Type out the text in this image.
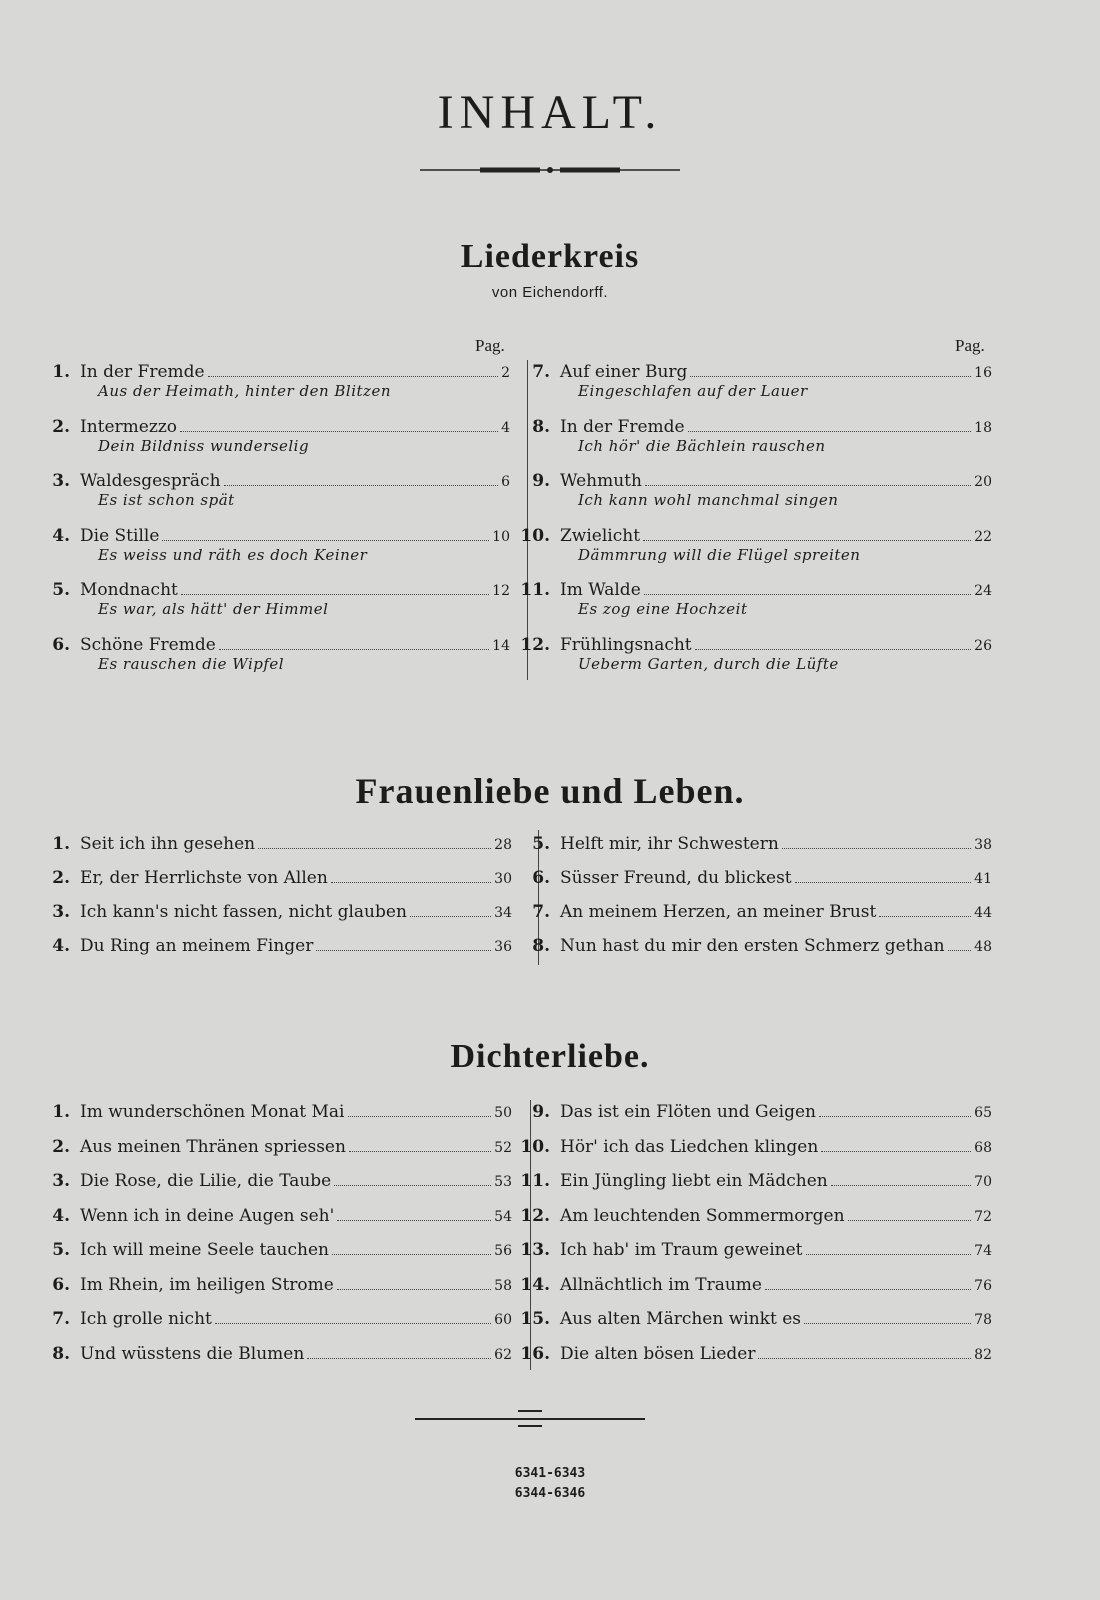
INHALT.
Liederkreis
von Eichendorff.
Pag.	Pag.
1. In der Fremde	2
Aus der Heimath, hinter den Blitzen
2. Intermezzo	4
Dein Bildniss wunderselig
3. Waldesgespräch	6
Es ist schon spät
4. Die Stille	10
Es weiss und räth es doch Keiner
5. Mondnacht	12
Es war, als hätt' der Himmel
6. Schöne Fremde	14
Es rauschen die Wipfel
7. Auf einer Burg	16
Eingeschlafen auf der Lauer
8. In der Fremde	18
Ich hör' die Bächlein rauschen
9. Wehmuth	20
Ich kann wohl manchmal singen
10. Zwielicht	22
Dämmrung will die Flügel spreiten
11. Im Walde	24
Es zog eine Hochzeit
12. Frühlingsnacht	26
Ueberm Garten, durch die Lüfte
Frauenliebe und Leben.
1. Seit ich ihn gesehen	28
2. Er, der Herrlichste von Allen	30
3. Ich kann's nicht fassen, nicht glauben	34
4. Du Ring an meinem Finger	36
5. Helft mir, ihr Schwestern	38
6. Süsser Freund, du blickest	41
7. An meinem Herzen, an meiner Brust	44
8. Nun hast du mir den ersten Schmerz gethan 48
Dichterliebe.
1. Im wunderschönen Monat Mai	50
2. Aus meinen Thränen spriessen	52
3. Die Rose, die Lilie, die Taube	53
4. Wenn ich in deine Augen seh'	54
5. Ich will meine Seele tauchen	56
6. Im Rhein, im heiligen Strome	58
7. Ich grolle nicht	60
8. Und wüsstens die Blumen	62
9. Das ist ein Flöten und Geigen	65
10. Hör' ich das Liedchen klingen	68
11. Ein Jüngling liebt ein Mädchen	70
12. Am leuchtenden Sommermorgen	72
13. Ich hab' im Traum geweinet	74
14. Allnächtlich im Traume	76
15. Aus alten Märchen winkt es	78
16. Die alten bösen Lieder	82
6341-6343
6344-6346
